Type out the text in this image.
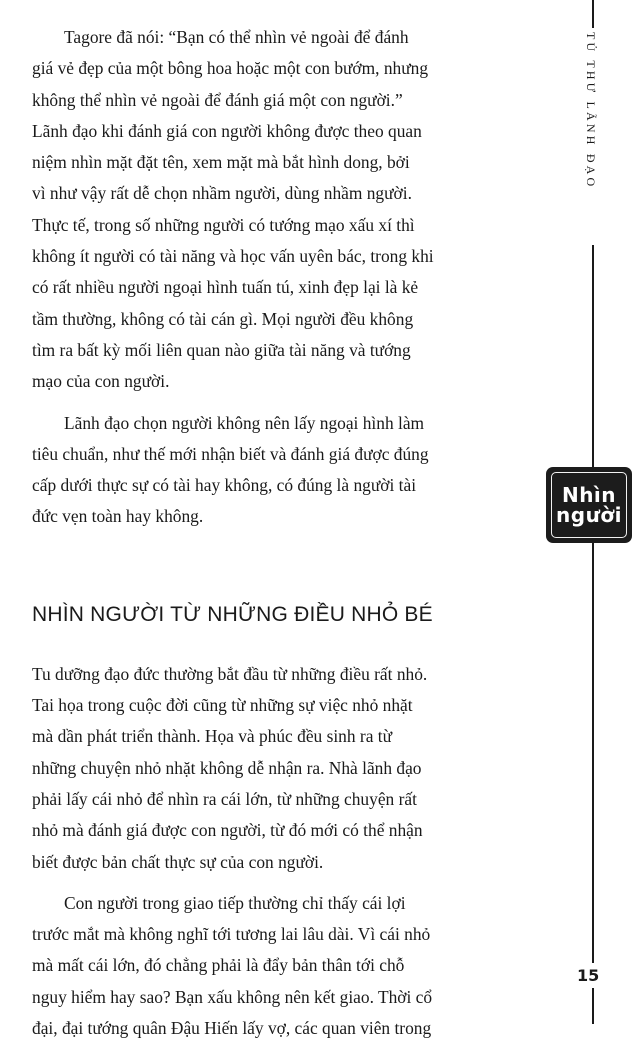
Tagore đã nói: “Bạn có thể nhìn vẻ ngoài để đánh
giá vẻ đẹp của một bông hoa hoặc một con bướm, nhưng
không thể nhìn vẻ ngoài để đánh giá một con người.”
Lãnh đạo khi đánh giá con người không được theo quan
niệm nhìn mặt đặt tên, xem mặt mà bắt hình dong, bởi
vì như vậy rất dễ chọn nhầm người, dùng nhầm người.
Thực tế, trong số những người có tướng mạo xấu xí thì
không ít người có tài năng và học vấn uyên bác, trong khi
có rất nhiều người ngoại hình tuấn tú, xinh đẹp lại là kẻ
tầm thường, không có tài cán gì. Mọi người đều không
tìm ra bất kỳ mối liên quan nào giữa tài năng và tướng
mạo của con người.

Lãnh đạo chọn người không nên lấy ngoại hình làm
tiêu chuẩn, như thế mới nhận biết và đánh giá được đúng
cấp dưới thực sự có tài hay không, có đúng là người tài
đức vẹn toàn hay không.

NHÌN NGƯỜI TỪ NHỮNG ĐIỀU NHỎ BÉ

Tu dưỡng đạo đức thường bắt đầu từ những điều rất nhỏ.
Tai họa trong cuộc đời cũng từ những sự việc nhỏ nhặt
mà dần phát triển thành. Họa và phúc đều sinh ra từ
những chuyện nhỏ nhặt không dễ nhận ra. Nhà lãnh đạo
phải lấy cái nhỏ để nhìn ra cái lớn, từ những chuyện rất
nhỏ mà đánh giá được con người, từ đó mới có thể nhận
biết được bản chất thực sự của con người.

Con người trong giao tiếp thường chỉ thấy cái lợi
trước mắt mà không nghĩ tới tương lai lâu dài. Vì cái nhỏ
mà mất cái lớn, đó chẳng phải là đẩy bản thân tới chỗ
nguy hiểm hay sao? Bạn xấu không nên kết giao. Thời cổ
đại, đại tướng quân Đậu Hiến lấy vợ, các quan viên trong

TỦ THƯ LÃNH ĐẠO
Nhìn
người
15
